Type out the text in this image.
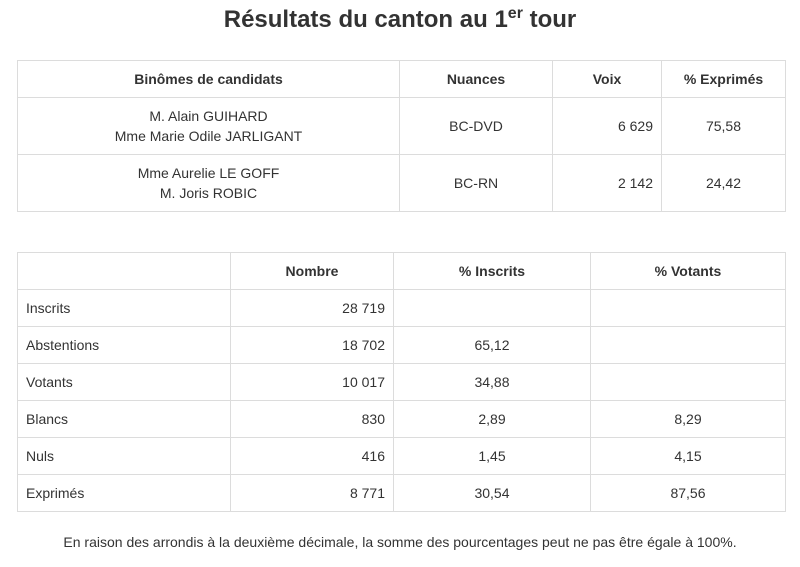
Résultats du canton au 1er tour
Binômes de candidats	Nuances	Voix	% Exprimés

M. Alain GUIHARD
Mme Marie Odile JARLIGANT	BC-DVD	6 629	75,58

Mme Aurelie LE GOFF
M. Joris ROBIC	BC-RN	2 142	24,42
	Nombre	% Inscrits	% Votants
Inscrits	28 719		
Abstentions	18 702	65,12	
Votants	10 017	34,88	
Blancs	830	2,89	8,29
Nuls	416	1,45	4,15
Exprimés	8 771	30,54	87,56
En raison des arrondis à la deuxième décimale, la somme des pourcentages peut ne pas être égale à 100%.
